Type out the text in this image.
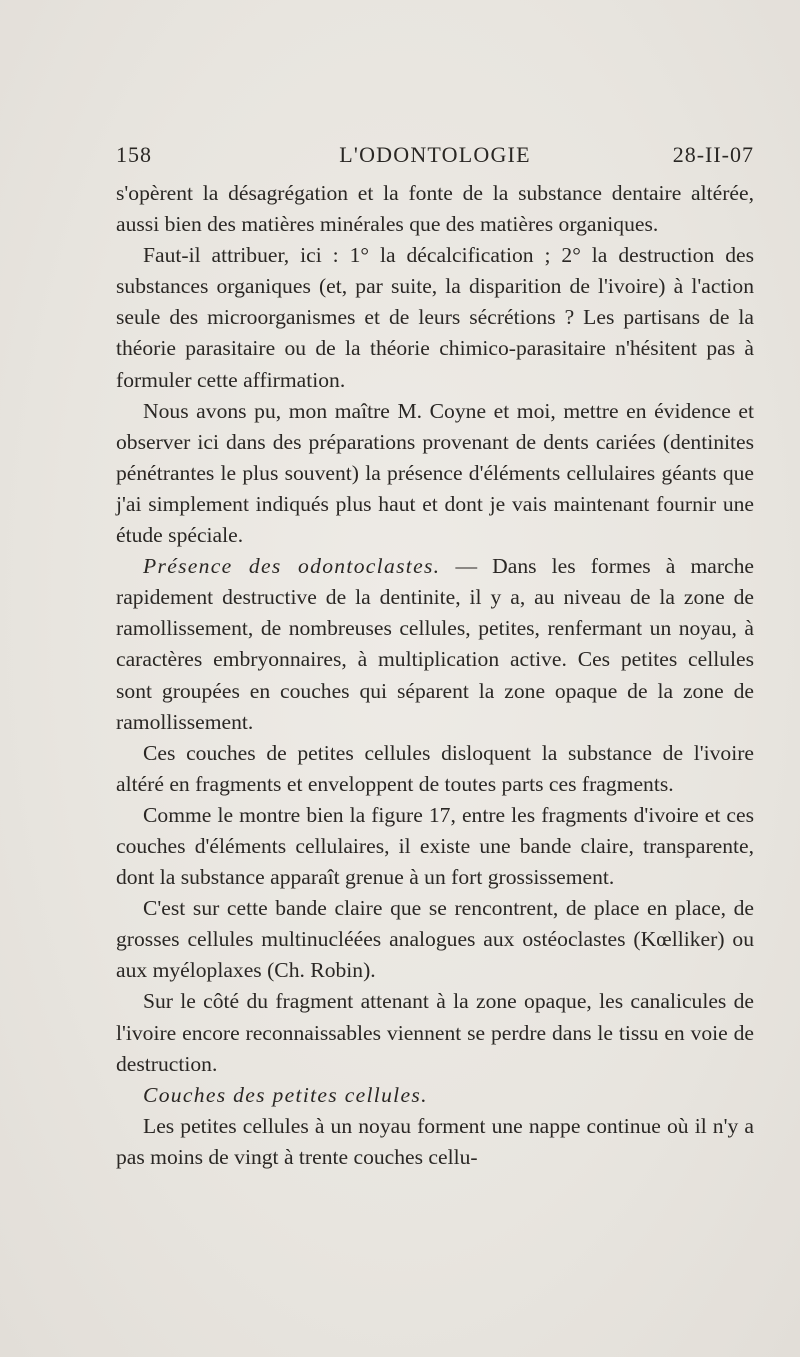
158	L'ODONTOLOGIE	28-II-07

s'opèrent la désagrégation et la fonte de la substance dentaire altérée, aussi bien des matières minérales que des matières organiques.

Faut-il attribuer, ici : 1° la décalcification ; 2° la destruction des substances organiques (et, par suite, la disparition de l'ivoire) à l'action seule des microorganismes et de leurs sécrétions ? Les partisans de la théorie parasitaire ou de la théorie chimico-parasitaire n'hésitent pas à formuler cette affirmation.

Nous avons pu, mon maître M. Coyne et moi, mettre en évidence et observer ici dans des préparations provenant de dents cariées (dentinites pénétrantes le plus souvent) la présence d'éléments cellulaires géants que j'ai simplement indiqués plus haut et dont je vais maintenant fournir une étude spéciale.

Présence des odontoclastes. — Dans les formes à marche rapidement destructive de la dentinite, il y a, au niveau de la zone de ramollissement, de nombreuses cellules, petites, renfermant un noyau, à caractères embryonnaires, à multiplication active. Ces petites cellules sont groupées en couches qui séparent la zone opaque de la zone de ramollissement.

Ces couches de petites cellules disloquent la substance de l'ivoire altéré en fragments et enveloppent de toutes parts ces fragments.

Comme le montre bien la figure 17, entre les fragments d'ivoire et ces couches d'éléments cellulaires, il existe une bande claire, transparente, dont la substance apparaît grenue à un fort grossissement.

C'est sur cette bande claire que se rencontrent, de place en place, de grosses cellules multinucléées analogues aux ostéoclastes (Kœlliker) ou aux myéloplaxes (Ch. Robin).

Sur le côté du fragment attenant à la zone opaque, les canalicules de l'ivoire encore reconnaissables viennent se perdre dans le tissu en voie de destruction.

Couches des petites cellules.

Les petites cellules à un noyau forment une nappe continue où il n'y a pas moins de vingt à trente couches cellu-
